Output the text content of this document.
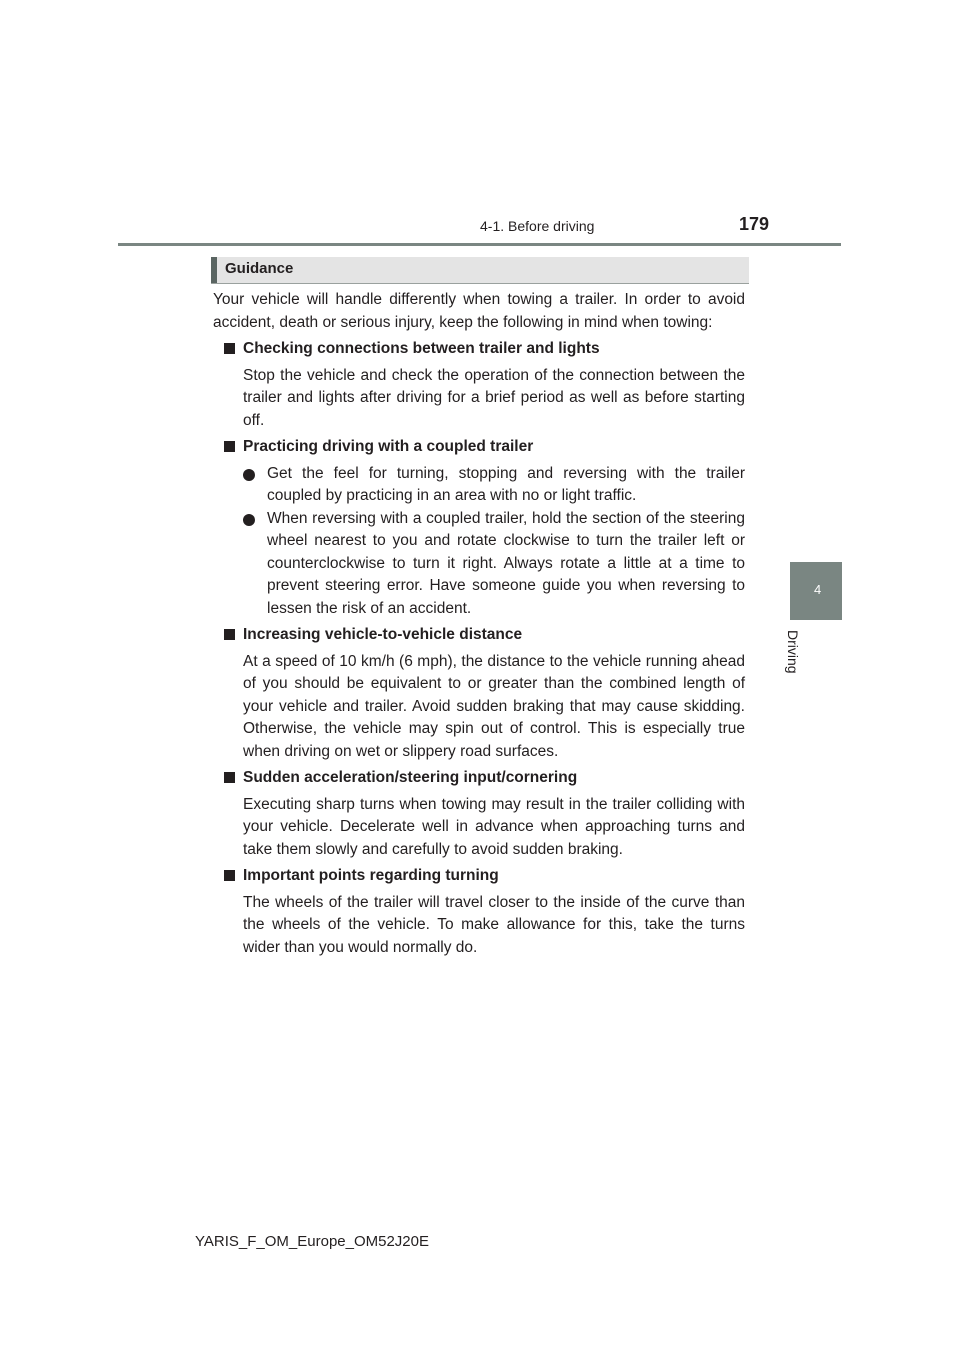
4-1. Before driving	179
4
Driving
Guidance

Your vehicle will handle differently when towing a trailer. In order to avoid accident, death or serious injury, keep the following in mind when towing:

Checking connections between trailer and lights

Stop the vehicle and check the operation of the connection between the trailer and lights after driving for a brief period as well as before starting off.

Practicing driving with a coupled trailer

Get the feel for turning, stopping and reversing with the trailer coupled by practicing in an area with no or light traffic.

When reversing with a coupled trailer, hold the section of the steering wheel nearest to you and rotate clockwise to turn the trailer left or counterclockwise to turn it right. Always rotate a little at a time to prevent steering error. Have someone guide you when reversing to lessen the risk of an accident.

Increasing vehicle-to-vehicle distance

At a speed of 10 km/h (6 mph), the distance to the vehicle running ahead of you should be equivalent to or greater than the combined length of your vehicle and trailer. Avoid sudden braking that may cause skidding. Otherwise, the vehicle may spin out of control. This is especially true when driving on wet or slippery road surfaces.

Sudden acceleration/steering input/cornering

Executing sharp turns when towing may result in the trailer colliding with your vehicle. Decelerate well in advance when approaching turns and take them slowly and carefully to avoid sudden braking.

Important points regarding turning

The wheels of the trailer will travel closer to the inside of the curve than the wheels of the vehicle. To make allowance for this, take the turns wider than you would normally do.

YARIS_F_OM_Europe_OM52J20E
